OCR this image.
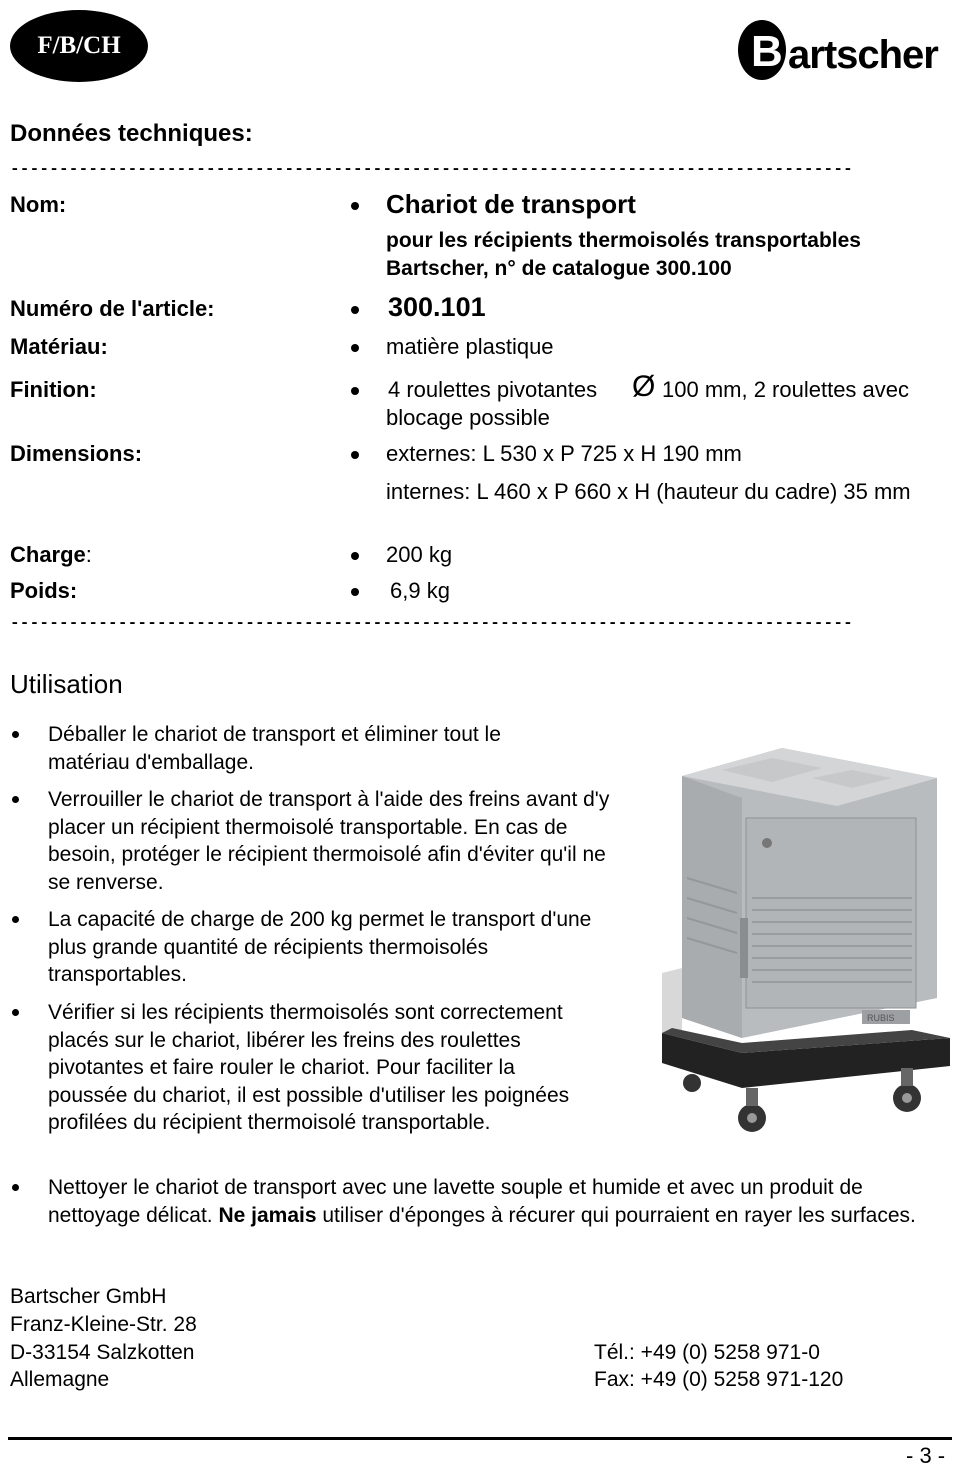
F/B/CH	B artscher
Données techniques:
--------------------------------------------------------------------------------------
Nom:	Chariot de transport
pour les récipients thermoisolés transportables
Bartscher, n° de catalogue 300.100
Numéro de l'article:	300.101
Matériau:	matière plastique
Finition:	4 roulettes pivotantes Ø 100 mm, 2 roulettes avec
blocage possible
Dimensions:	externes: L 530 x P 725 x H 190 mm
internes: L 460 x P 660 x H (hauteur du cadre) 35 mm
Charge:	200 kg
Poids:	6,9 kg
--------------------------------------------------------------------------------------
Utilisation
Déballer le chariot de transport et éliminer tout le matériau d'emballage.
Verrouiller le chariot de transport à l'aide des freins avant d'y placer un récipient thermoisolé transportable. En cas de besoin, protéger le récipient thermoisolé afin d'éviter qu'il ne se renverse.
La capacité de charge de 200 kg permet le transport d'une plus grande quantité de récipients thermoisolés transportables.
Vérifier si les récipients thermoisolés sont correctement placés sur le chariot, libérer les freins des roulettes pivotantes et faire rouler le chariot. Pour faciliter la poussée du chariot, il est possible d'utiliser les poignées profilées du récipient thermoisolé transportable.
Nettoyer le chariot de transport avec une lavette souple et humide et avec un produit de nettoyage délicat. Ne jamais utiliser d'éponges à récurer qui pourraient en rayer les surfaces.
RUBIS
Bartscher GmbH
Franz-Kleine-Str. 28
D-33154 Salzkotten
Allemagne
Tél.: +49 (0) 5258 971-0
Fax: +49 (0) 5258 971-120
- 3 -
